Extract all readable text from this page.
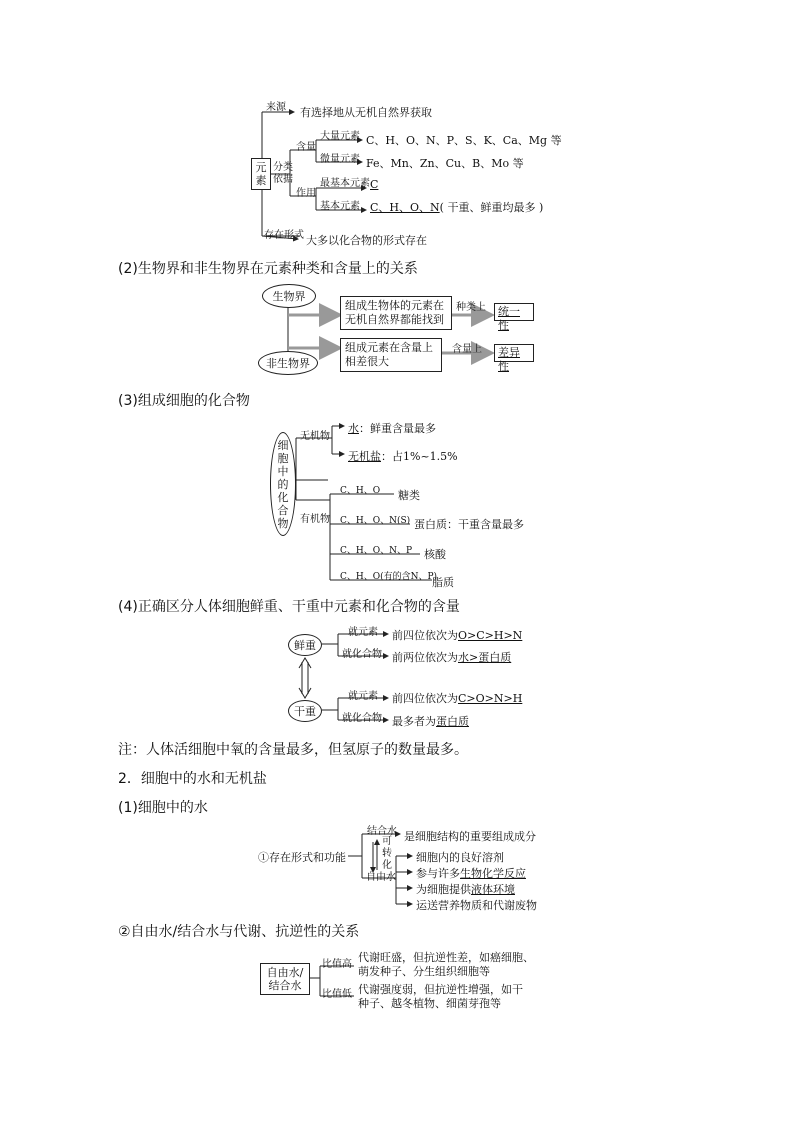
元
素
来源 有选择地从无机自然界获取
分类
依据
含量
大量元素 C、H、O、N、P、S、K、Ca、Mg 等
微量元素 Fe、Mn、Zn、Cu、B、Mo 等
作用
最基本元素 C
基本元素 C、H、O、N( 干重、鲜重均最多 )
存在形式 大多以化合物的形式存在
(2)生物界和非生物界在元素种类和含量上的关系
生物界
非生物界
组成生物体的元素在无机自然界都能找到
组成元素在含量上相差很大
种类上
含量上
统一性
差异性
(3)组成细胞的化合物
细
胞
中
的
化
合
物
无机物
水：鲜重含量最多
无机盐：占1%~1.5%
有机物
C、H、O 糖类
C、H、O、N(S) 蛋白质：干重含量最多
C、H、O、N、P 核酸
C、H、O(有的含N、P)
脂质
(4)正确区分人体细胞鲜重、干重中元素和化合物的含量
鲜重
干重
就元素
就化合物
前四位依次为O>C>H>N
前两位依次为水>蛋白质
就元素
就化合物
前四位依次为C>O>N>H
最多者为蛋白质
注：人体活细胞中氧的含量最多，但氢原子的数量最多。
2．细胞中的水和无机盐
(1)细胞中的水
①存在形式和功能
结合水 是细胞结构的重要组成成分
可
转
化
自由水
细胞内的良好溶剂
参与许多生物化学反应
为细胞提供液体环境
运送营养物质和代谢废物
②自由水/结合水与代谢、抗逆性的关系
自由水/
结合水
比值高
代谢旺盛，但抗逆性差，如癌细胞、
萌发种子、分生组织细胞等
比值低 代谢强度弱，但抗逆性增强，如干
种子、越冬植物、细菌芽孢等
